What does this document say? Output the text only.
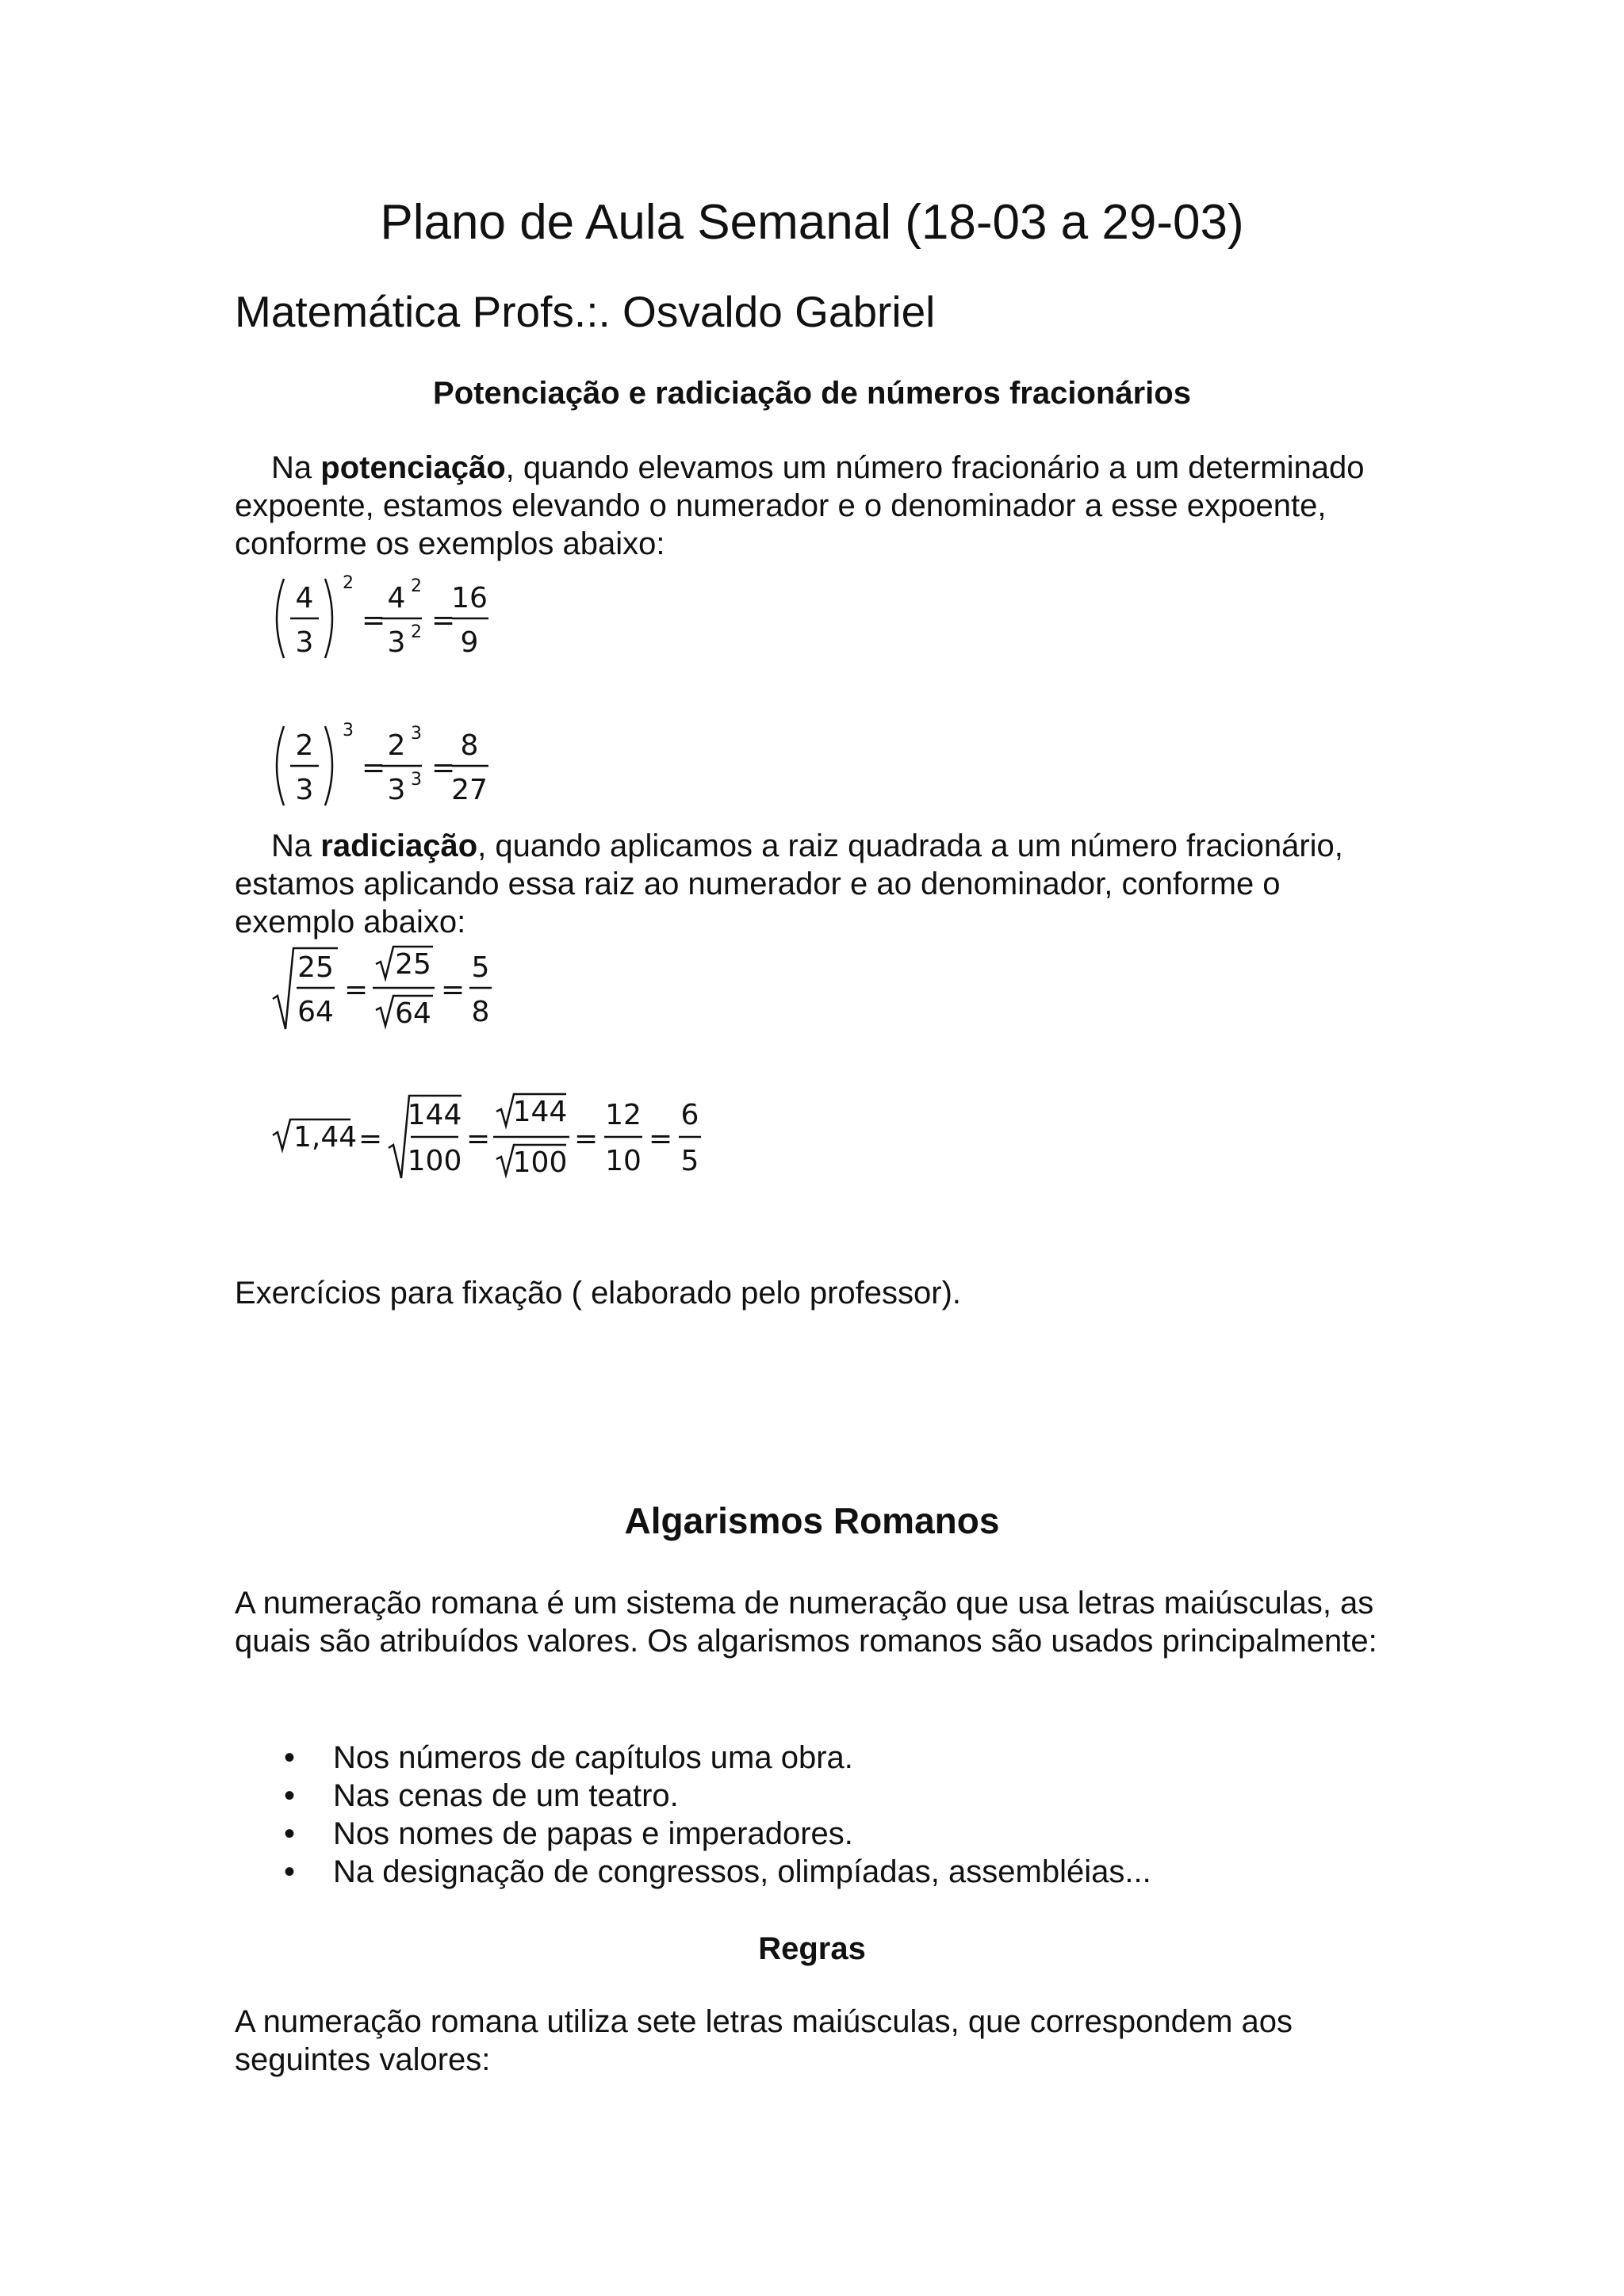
Plano de Aula Semanal (18-03 a 29-03)
Matemática Profs.:. Osvaldo Gabriel
Potenciação e radiciação de números fracionários

Na potenciação, quando elevamos um número fracionário a um determinado expoente, estamos elevando o numerador e o denominador a esse expoente, conforme os exemplos abaixo:

4
3
2
=
4 2
3 2 =
16
9
2
3
3
=
2 3
3 3 =
8
27

Na radiciação, quando aplicamos a raiz quadrada a um número fracionário, estamos aplicando essa raiz ao numerador e ao denominador, conforme o exemplo abaixo:

25
64
=
25
64
=
5
8
1,44 =
144
100
=
144
100
=
12
10
=
6
5
Exercícios para fixação ( elaborado pelo professor).
Algarismos Romanos
A numeração romana é um sistema de numeração que usa letras maiúsculas, as quais são atribuídos valores. Os algarismos romanos são usados principalmente:
• Nos números de capítulos uma obra.
• Nas cenas de um teatro.
• Nos nomes de papas e imperadores.
• Na designação de congressos, olimpíadas, assembléias...
Regras
A numeração romana utiliza sete letras maiúsculas, que correspondem aos seguintes valores:
